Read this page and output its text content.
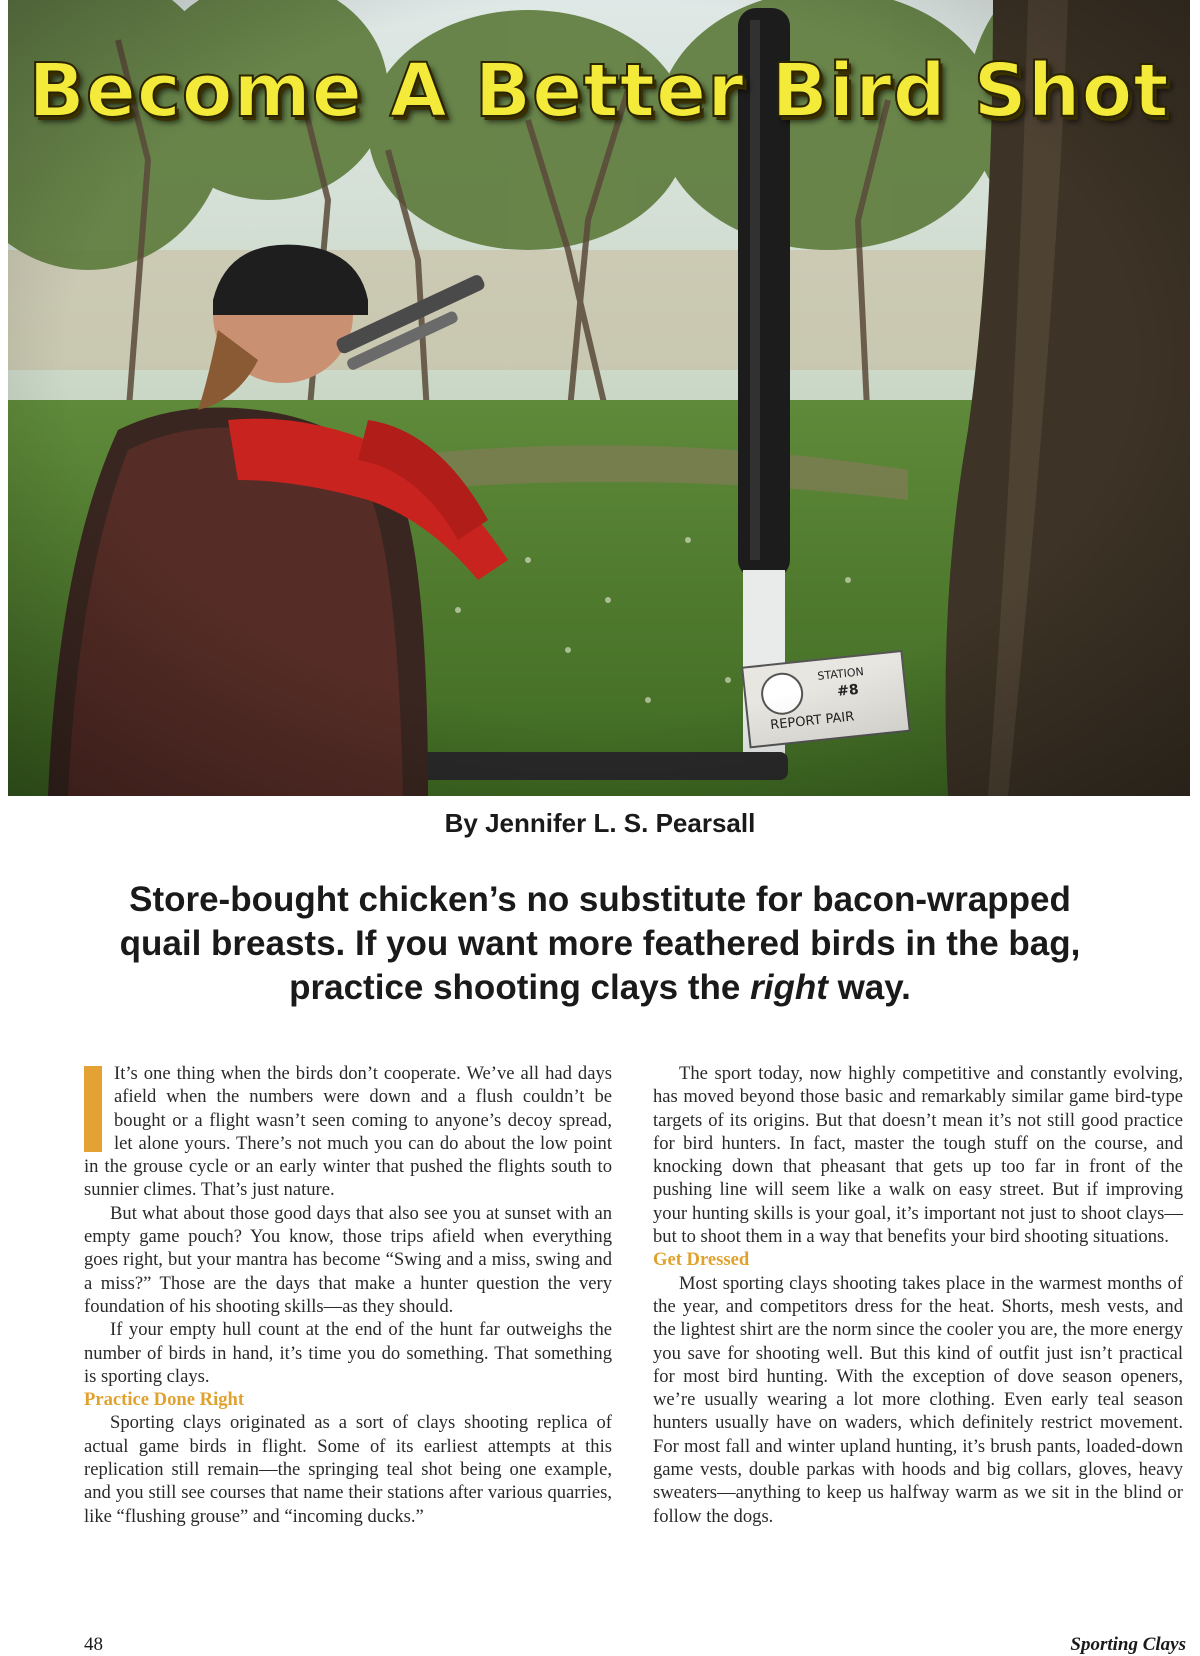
Become A Better Bird Shot
By Jennifer L. S. Pearsall
Store-bought chicken’s no substitute for bacon-wrapped quail breasts. If you want more feathered birds in the bag, practice shooting clays the right way.

It’s one thing when the birds don’t cooperate. We’ve all had days afield when the numbers were down and a flush couldn’t be bought or a flight wasn’t seen coming to anyone’s decoy spread, let alone yours. There’s not much you can do about the low point in the grouse cycle or an early winter that pushed the flights south to sunnier climes. That’s just nature.

But what about those good days that also see you at sunset with an empty game pouch? You know, those trips afield when everything goes right, but your mantra has become “Swing and a miss, swing and a miss?” Those are the days that make a hunter question the very foundation of his shooting skills—as they should.

If your empty hull count at the end of the hunt far outweighs the number of birds in hand, it’s time you do something. That something is sporting clays.

Practice Done Right

Sporting clays originated as a sort of clays shooting replica of actual game birds in flight. Some of its earliest attempts at this replication still remain—the springing teal shot being one example, and you still see courses that name their stations after various quarries, like “flushing grouse” and “incoming ducks.”

The sport today, now highly competitive and constantly evolving, has moved beyond those basic and remarkably similar game bird-type targets of its origins. But that doesn’t mean it’s not still good practice for bird hunters. In fact, master the tough stuff on the course, and knocking down that pheasant that gets up too far in front of the pushing line will seem like a walk on easy street. But if improving your hunting skills is your goal, it’s important not just to shoot clays—but to shoot them in a way that benefits your bird shooting situations.

Get Dressed

Most sporting clays shooting takes place in the warmest months of the year, and competitors dress for the heat. Shorts, mesh vests, and the lightest shirt are the norm since the cooler you are, the more energy you save for shooting well. But this kind of outfit just isn’t practical for most bird hunting. With the exception of dove season openers, we’re usually wearing a lot more clothing. Even early teal season hunters usually have on waders, which definitely restrict movement. For most fall and winter upland hunting, it’s brush pants, loaded-down game vests, double parkas with hoods and big collars, gloves, heavy sweaters—anything to keep us halfway warm as we sit in the blind or follow the dogs.

48	Sporting Clays
